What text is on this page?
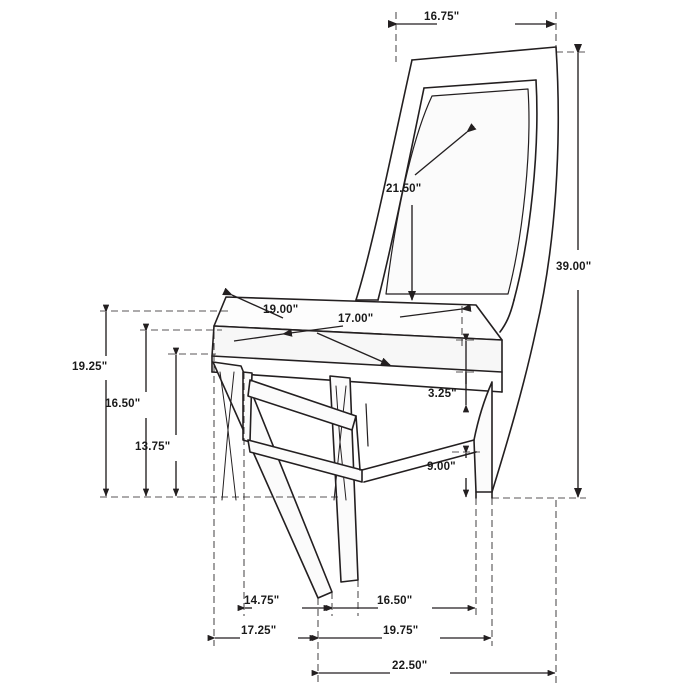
16.75"
39.00"
21.50"
19.00"
17.00"
3.25"
9.00"
19.25"
16.50"
13.75"
14.75"	16.50"
17.25"	19.75"
22.50"
